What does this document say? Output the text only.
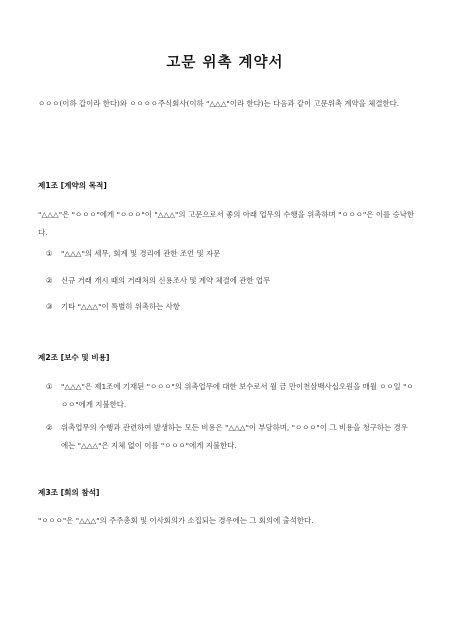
고문 위촉 계약서
ㅇㅇㅇ(이하 갑이라 한다)와 ㅇㅇㅇㅇ주식회사(이하 "△△△"이라 한다)는 다음과 같이 고문위촉 계약을 체결한다.
제1조 [계약의 목적]
"△△△"은 "ㅇㅇㅇ"에게 "ㅇㅇㅇ"이 "△△△"의 고문으로서 좋의 아래 업무의 수행을 위촉하며 "ㅇㅇㅇ"은 이를 승낙한다.
①	"△△△"의 세무, 회계 및 경리에 관한 조언 및 자문
②	신규 거래 개시 때의 거래처의 신용조사 및 계약 체결에 관한 업무
③	기타 "△△△"이 특별히 위촉하는 사항
제2조 [보수 및 비용]
①	"△△△"은 제1조에 기재된 "ㅇㅇㅇ"의 위촉업무에 대한 보수로서 월 금 만이천삼백사십오원을 매월 ㅇㅇ일 "ㅇㅇㅇ"에게 지불한다.
②	위촉업무의 수행과 관련하여 발생하는 모든 비용은 "△△△"이 부담하며, "ㅇㅇㅇ"이 그 비용을 청구하는 경우에는 "△△△"은 지체 없이 이를 "ㅇㅇㅇ"에게 지불한다.
제3조 [회의 참석]
"ㅇㅇㅇ"은 "△△△"의 주주총회 및 이사회의가 소집되는 경우에는 그 회의에 출석한다.
